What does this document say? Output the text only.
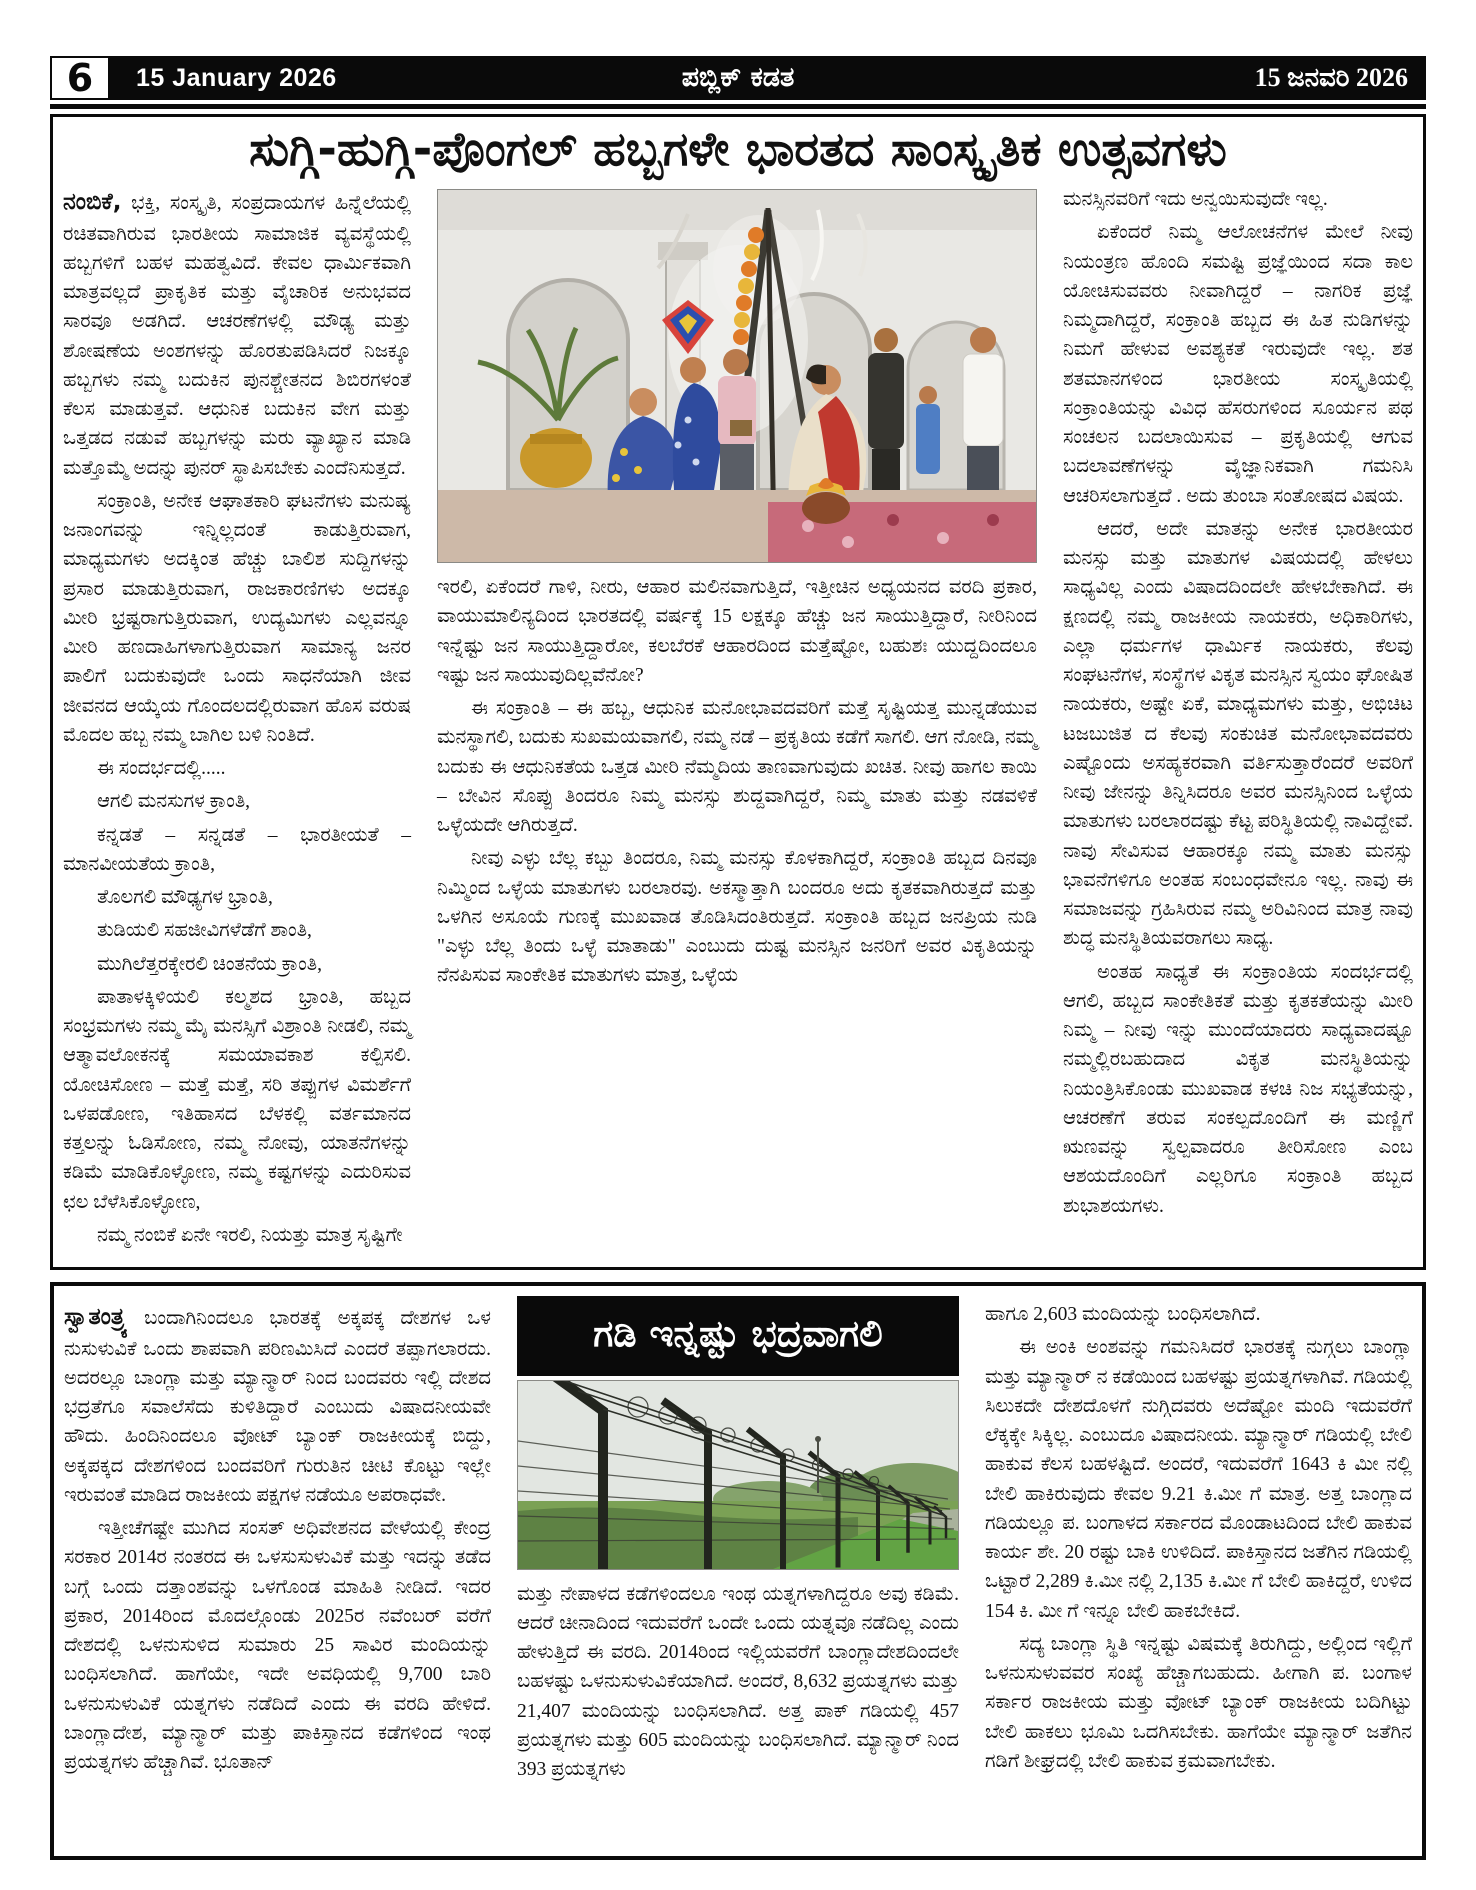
6	15 January 2026	ಪಬ್ಲಿಕ್ ಕಡತ	15 ಜನವರಿ 2026
ಸುಗ್ಗಿ-ಹುಗ್ಗಿ-ಪೊಂಗಲ್ ಹಬ್ಬಗಳೇ ಭಾರತದ ಸಾಂಸ್ಕೃತಿಕ ಉತ್ಸವಗಳು

ನಂಬಿಕೆ, ಭಕ್ತಿ, ಸಂಸ್ಕೃತಿ, ಸಂಪ್ರದಾಯಗಳ ಹಿನ್ನೆಲೆಯಲ್ಲಿ ರಚಿತವಾಗಿರುವ ಭಾರತೀಯ ಸಾಮಾಜಿಕ ವ್ಯವಸ್ಥೆಯಲ್ಲಿ ಹಬ್ಬಗಳಿಗೆ ಬಹಳ ಮಹತ್ವವಿದೆ. ಕೇವಲ ಧಾರ್ಮಿಕವಾಗಿ ಮಾತ್ರವಲ್ಲದೆ ಪ್ರಾಕೃತಿಕ ಮತ್ತು ವೈಚಾರಿಕ ಅನುಭವದ ಸಾರವೂ ಅಡಗಿದೆ. ಆಚರಣೆಗಳಲ್ಲಿ ಮೌಢ್ಯ ಮತ್ತು ಶೋಷಣೆಯ ಅಂಶಗಳನ್ನು ಹೊರತುಪಡಿಸಿದರೆ ನಿಜಕ್ಕೂ ಹಬ್ಬಗಳು ನಮ್ಮ ಬದುಕಿನ ಪುನಶ್ಚೇತನದ ಶಿಬಿರಗಳಂತೆ ಕೆಲಸ ಮಾಡುತ್ತವೆ. ಆಧುನಿಕ ಬದುಕಿನ ವೇಗ ಮತ್ತು ಒತ್ತಡದ ನಡುವೆ ಹಬ್ಬಗಳನ್ನು ಮರು ವ್ಯಾಖ್ಯಾನ ಮಾಡಿ ಮತ್ತೊಮ್ಮೆ ಅದನ್ನು ಪುನರ್ ಸ್ಥಾಪಿಸಬೇಕು ಎಂದೆನಿಸುತ್ತದೆ.

ಸಂಕ್ರಾಂತಿ, ಅನೇಕ ಆಘಾತಕಾರಿ ಘಟನೆಗಳು ಮನುಷ್ಯ ಜನಾಂಗವನ್ನು ಇನ್ನಿಲ್ಲದಂತೆ ಕಾಡುತ್ತಿರುವಾಗ, ಮಾಧ್ಯಮಗಳು ಅದಕ್ಕಿಂತ ಹೆಚ್ಚು ಬಾಲಿಶ ಸುದ್ದಿಗಳನ್ನು ಪ್ರಸಾರ ಮಾಡುತ್ತಿರುವಾಗ, ರಾಜಕಾರಣಿಗಳು ಅದಕ್ಕೂ ಮೀರಿ ಭ್ರಷ್ಟರಾಗುತ್ತಿರುವಾಗ, ಉದ್ಯಮಿಗಳು ಎಲ್ಲವನ್ನೂ ಮೀರಿ ಹಣದಾಹಿಗಳಾಗುತ್ತಿರುವಾಗ ಸಾಮಾನ್ಯ ಜನರ ಪಾಲಿಗೆ ಬದುಕುವುದೇ ಒಂದು ಸಾಧನೆಯಾಗಿ ಜೀವ ಜೀವನದ ಆಯ್ಕೆಯ ಗೊಂದಲದಲ್ಲಿರುವಾಗ ಹೊಸ ವರುಷ ಮೊದಲ ಹಬ್ಬ ನಮ್ಮ ಬಾಗಿಲ ಬಳಿ ನಿಂತಿದೆ.

ಈ ಸಂದರ್ಭದಲ್ಲಿ.....

ಆಗಲಿ ಮನಸುಗಳ ಕ್ರಾಂತಿ,

ಕನ್ನಡತೆ – ಸನ್ನಡತೆ – ಭಾರತೀಯತೆ – ಮಾನವೀಯತೆಯ ಕ್ರಾಂತಿ,

ತೊಲಗಲಿ ಮೌಢ್ಯಗಳ ಭ್ರಾಂತಿ,

ತುಡಿಯಲಿ ಸಹಜೀವಿಗಳೆಡೆಗೆ ಶಾಂತಿ,

ಮುಗಿಲೆತ್ತರಕ್ಕೇರಲಿ ಚಿಂತನೆಯ ಕ್ರಾಂತಿ,

ಪಾತಾಳಕ್ಕಿಳಿಯಲಿ ಕಲ್ಮಶದ ಭ್ರಾಂತಿ, ಹಬ್ಬದ ಸಂಭ್ರಮಗಳು ನಮ್ಮ ಮೈ ಮನಸ್ಸಿಗೆ ವಿಶ್ರಾಂತಿ ನೀಡಲಿ, ನಮ್ಮ ಆತ್ಮಾವಲೋಕನಕ್ಕೆ ಸಮಯಾವಕಾಶ ಕಲ್ಪಿಸಲಿ. ಯೋಚಿಸೋಣ – ಮತ್ತೆ ಮತ್ತೆ, ಸರಿ ತಪ್ಪುಗಳ ವಿಮರ್ಶೆಗೆ ಒಳಪಡೋಣ, ಇತಿಹಾಸದ ಬೆಳಕಲ್ಲಿ ವರ್ತಮಾನದ ಕತ್ತಲನ್ನು ಓಡಿಸೋಣ, ನಮ್ಮ ನೋವು, ಯಾತನೆಗಳನ್ನು ಕಡಿಮೆ ಮಾಡಿಕೊಳ್ಳೋಣ, ನಮ್ಮ ಕಷ್ಟಗಳನ್ನು ಎದುರಿಸುವ ಛಲ ಬೆಳೆಸಿಕೊಳ್ಳೋಣ,

ನಮ್ಮ ನಂಬಿಕೆ ಏನೇ ಇರಲಿ, ನಿಯತ್ತು ಮಾತ್ರ ಸೃಷ್ಟಿಗೇ

ಇರಲಿ, ಏಕೆಂದರೆ ಗಾಳಿ, ನೀರು, ಆಹಾರ ಮಲಿನವಾಗುತ್ತಿದೆ, ಇತ್ತೀಚಿನ ಅಧ್ಯಯನದ ವರದಿ ಪ್ರಕಾರ, ವಾಯುಮಾಲಿನ್ಯದಿಂದ ಭಾರತದಲ್ಲಿ ವರ್ಷಕ್ಕೆ 15 ಲಕ್ಷಕ್ಕೂ ಹೆಚ್ಚು ಜನ ಸಾಯುತ್ತಿದ್ದಾರೆ, ನೀರಿನಿಂದ ಇನ್ನೆಷ್ಟು ಜನ ಸಾಯುತ್ತಿದ್ದಾರೋ, ಕಲಬೆರಕೆ ಆಹಾರದಿಂದ ಮತ್ತೆಷ್ಟೋ, ಬಹುಶಃ ಯುದ್ದದಿಂದಲೂ ಇಷ್ಟು ಜನ ಸಾಯುವುದಿಲ್ಲವೆನೋ?

ಈ ಸಂಕ್ರಾಂತಿ – ಈ ಹಬ್ಬ, ಆಧುನಿಕ ಮನೋಭಾವದವರಿಗೆ ಮತ್ತೆ ಸೃಷ್ಟಿಯತ್ತ ಮುನ್ನಡೆಯುವ ಮನಸ್ಥಾಗಲಿ, ಬದುಕು ಸುಖಮಯವಾಗಲಿ, ನಮ್ಮ ನಡೆ – ಪ್ರಕೃತಿಯ ಕಡೆಗೆ ಸಾಗಲಿ. ಆಗ ನೋಡಿ, ನಮ್ಮ ಬದುಕು ಈ ಆಧುನಿಕತೆಯ ಒತ್ತಡ ಮೀರಿ ನೆಮ್ಮದಿಯ ತಾಣವಾಗುವುದು ಖಚಿತ. ನೀವು ಹಾಗಲ ಕಾಯಿ – ಬೇವಿನ ಸೊಪ್ಪು ತಿಂದರೂ ನಿಮ್ಮ ಮನಸ್ಸು ಶುದ್ದವಾಗಿದ್ದರೆ, ನಿಮ್ಮ ಮಾತು ಮತ್ತು ನಡವಳಿಕೆ ಒಳ್ಳೆಯದೇ ಆಗಿರುತ್ತದೆ.

ನೀವು ಎಳ್ಳು ಬೆಲ್ಲ ಕಬ್ಬು ತಿಂದರೂ, ನಿಮ್ಮ ಮನಸ್ಸು ಕೊಳಕಾಗಿದ್ದರೆ, ಸಂಕ್ರಾಂತಿ ಹಬ್ಬದ ದಿನವೂ ನಿಮ್ಮಿಂದ ಒಳ್ಳೆಯ ಮಾತುಗಳು ಬರಲಾರವು. ಅಕಸ್ಮಾತ್ತಾಗಿ ಬಂದರೂ ಅದು ಕೃತಕವಾಗಿರುತ್ತದೆ ಮತ್ತು ಒಳಗಿನ ಅಸೂಯೆ ಗುಣಕ್ಕೆ ಮುಖವಾಡ ತೊಡಿಸಿದಂತಿರುತ್ತದೆ. ಸಂಕ್ರಾಂತಿ ಹಬ್ಬದ ಜನಪ್ರಿಯ ನುಡಿ "ಎಳ್ಳು ಬೆಲ್ಲ ತಿಂದು ಒಳ್ಳೆ ಮಾತಾಡು" ಎಂಬುದು ದುಷ್ಟ ಮನಸ್ಸಿನ ಜನರಿಗೆ ಅವರ ವಿಕೃತಿಯನ್ನು ನೆನಪಿಸುವ ಸಾಂಕೇತಿಕ ಮಾತುಗಳು ಮಾತ್ರ, ಒಳ್ಳೆಯ

ಮನಸ್ಸಿನವರಿಗೆ ಇದು ಅನ್ವಯಿಸುವುದೇ ಇಲ್ಲ.

ಏಕೆಂದರೆ ನಿಮ್ಮ ಆಲೋಚನೆಗಳ ಮೇಲೆ ನೀವು ನಿಯಂತ್ರಣ ಹೊಂದಿ ಸಮಷ್ಟಿ ಪ್ರಜ್ಞೆಯಿಂದ ಸದಾ ಕಾಲ ಯೋಚಿಸುವವರು ನೀವಾಗಿದ್ದರೆ – ನಾಗರಿಕ ಪ್ರಜ್ಞೆ ನಿಮ್ಮದಾಗಿದ್ದರೆ, ಸಂಕ್ರಾಂತಿ ಹಬ್ಬದ ಈ ಹಿತ ನುಡಿಗಳನ್ನು ನಿಮಗೆ ಹೇಳುವ ಅವಶ್ಯಕತೆ ಇರುವುದೇ ಇಲ್ಲ. ಶತ ಶತಮಾನಗಳಿಂದ ಭಾರತೀಯ ಸಂಸ್ಕೃತಿಯಲ್ಲಿ ಸಂಕ್ರಾಂತಿಯನ್ನು ವಿವಿಧ ಹೆಸರುಗಳಿಂದ ಸೂರ್ಯನ ಪಥ ಸಂಚಲನ ಬದಲಾಯಿಸುವ – ಪ್ರಕೃತಿಯಲ್ಲಿ ಆಗುವ ಬದಲಾವಣೆಗಳನ್ನು ವೈಜ್ಞಾನಿಕವಾಗಿ ಗಮನಿಸಿ ಆಚರಿಸಲಾಗುತ್ತದೆ . ಅದು ತುಂಬಾ ಸಂತೋಷದ ವಿಷಯ.

ಆದರೆ, ಅದೇ ಮಾತನ್ನು ಅನೇಕ ಭಾರತೀಯರ ಮನಸ್ಸು ಮತ್ತು ಮಾತುಗಳ ವಿಷಯದಲ್ಲಿ ಹೇಳಲು ಸಾಧ್ಯವಿಲ್ಲ ಎಂದು ವಿಷಾದದಿಂದಲೇ ಹೇಳಬೇಕಾಗಿದೆ. ಈ ಕ್ಷಣದಲ್ಲಿ ನಮ್ಮ ರಾಜಕೀಯ ನಾಯಕರು, ಅಧಿಕಾರಿಗಳು, ಎಲ್ಲಾ ಧರ್ಮಗಳ ಧಾರ್ಮಿಕ ನಾಯಕರು, ಕೆಲವು ಸಂಘಟನೆಗಳ, ಸಂಸ್ಥೆಗಳ ವಿಕೃತ ಮನಸ್ಸಿನ ಸ್ವಯಂ ಘೋಷಿತ ನಾಯಕರು, ಅಷ್ಟೇ ಏಕೆ, ಮಾಧ್ಯಮಗಳು ಮತ್ತು, ಅಭಿಚಿಟ ಟಜಬುಜಿತ ದ ಕೆಲವು ಸಂಕುಚಿತ ಮನೋಭಾವದವರು ಎಷ್ಟೊಂದು ಅಸಹ್ಯಕರವಾಗಿ ವರ್ತಿಸುತ್ತಾರೆಂದರೆ ಅವರಿಗೆ ನೀವು ಜೇನನ್ನು ತಿನ್ನಿಸಿದರೂ ಅವರ ಮನಸ್ಸಿನಿಂದ ಒಳ್ಳೆಯ ಮಾತುಗಳು ಬರಲಾರದಷ್ಟು ಕೆಟ್ಟ ಪರಿಸ್ಥಿತಿಯಲ್ಲಿ ನಾವಿದ್ದೇವೆ. ನಾವು ಸೇವಿಸುವ ಆಹಾರಕ್ಕೂ ನಮ್ಮ ಮಾತು ಮನಸ್ಸು ಭಾವನೆಗಳಿಗೂ ಅಂತಹ ಸಂಬಂಧವೇನೂ ಇಲ್ಲ. ನಾವು ಈ ಸಮಾಜವನ್ನು ಗ್ರಹಿಸಿರುವ ನಮ್ಮ ಅರಿವಿನಿಂದ ಮಾತ್ರ ನಾವು ಶುದ್ಧ ಮನಸ್ಥಿತಿಯವರಾಗಲು ಸಾಧ್ಯ.

ಅಂತಹ ಸಾಧ್ಯತೆ ಈ ಸಂಕ್ರಾಂತಿಯ ಸಂದರ್ಭದಲ್ಲಿ ಆಗಲಿ, ಹಬ್ಬದ ಸಾಂಕೇತಿಕತೆ ಮತ್ತು ಕೃತಕತೆಯನ್ನು ಮೀರಿ ನಿಮ್ಮ – ನೀವು ಇನ್ನು ಮುಂದೆಯಾದರು ಸಾಧ್ಯವಾದಷ್ಟೂ ನಮ್ಮಲ್ಲಿರಬಹುದಾದ ವಿಕೃತ ಮನಸ್ಥಿತಿಯನ್ನು ನಿಯಂತ್ರಿಸಿಕೊಂಡು ಮುಖವಾಡ ಕಳಚಿ ನಿಜ ಸಭ್ಯತೆಯನ್ನು, ಆಚರಣೆಗೆ ತರುವ ಸಂಕಲ್ಪದೊಂದಿಗೆ ಈ ಮಣ್ಣಿಗೆ ಋಣವನ್ನು ಸ್ವಲ್ಪವಾದರೂ ತೀರಿಸೋಣ ಎಂಬ ಆಶಯದೊಂದಿಗೆ ಎಲ್ಲರಿಗೂ ಸಂಕ್ರಾಂತಿ ಹಬ್ಬದ ಶುಭಾಶಯಗಳು.

ಸ್ವಾತಂತ್ರ್ಯ ಬಂದಾಗಿನಿಂದಲೂ ಭಾರತಕ್ಕೆ ಅಕ್ಕಪಕ್ಕ ದೇಶಗಳ ಒಳ ನುಸುಳುವಿಕೆ ಒಂದು ಶಾಪವಾಗಿ ಪರಿಣಮಿಸಿದೆ ಎಂದರೆ ತಪ್ಪಾಗಲಾರದು. ಅದರಲ್ಲೂ ಬಾಂಗ್ಲಾ ಮತ್ತು ಮ್ಯಾನ್ಮಾರ್ ನಿಂದ ಬಂದವರು ಇಲ್ಲಿ ದೇಶದ ಭದ್ರತೆಗೂ ಸವಾಲೆಸೆದು ಕುಳಿತಿದ್ದಾರೆ ಎಂಬುದು ವಿಷಾದನೀಯವೇ ಹೌದು. ಹಿಂದಿನಿಂದಲೂ ವೋಟ್ ಬ್ಯಾಂಕ್ ರಾಜಕೀಯಕ್ಕೆ ಬಿದ್ದು, ಅಕ್ಕಪಕ್ಕದ ದೇಶಗಳಿಂದ ಬಂದವರಿಗೆ ಗುರುತಿನ ಚೀಟಿ ಕೊಟ್ಟು ಇಲ್ಲೇ ಇರುವಂತೆ ಮಾಡಿದ ರಾಜಕೀಯ ಪಕ್ಷಗಳ ನಡೆಯೂ ಅಪರಾಧವೇ.

ಇತ್ತೀಚೆಗಷ್ಟೇ ಮುಗಿದ ಸಂಸತ್ ಅಧಿವೇಶನದ ವೇಳೆಯಲ್ಲಿ ಕೇಂದ್ರ ಸರಕಾರ 2014ರ ನಂತರದ ಈ ಒಳಸುಸುಳುವಿಕೆ ಮತ್ತು ಇದನ್ನು ತಡೆದ ಬಗ್ಗೆ ಒಂದು ದತ್ತಾಂಶವನ್ನು ಒಳಗೊಂಡ ಮಾಹಿತಿ ನೀಡಿದೆ. ಇದರ ಪ್ರಕಾರ, 2014ರಿಂದ ಮೊದಲ್ಗೊಂಡು 2025ರ ನವೆಂಬರ್ ವರೆಗೆ ದೇಶದಲ್ಲಿ ಒಳನುಸುಳಿದ ಸುಮಾರು 25 ಸಾವಿರ ಮಂದಿಯನ್ನು ಬಂಧಿಸಲಾಗಿದೆ. ಹಾಗೆಯೇ, ಇದೇ ಅವಧಿಯಲ್ಲಿ 9,700 ಬಾರಿ ಒಳನುಸುಳುವಿಕೆ ಯತ್ನಗಳು ನಡೆದಿದೆ ಎಂದು ಈ ವರದಿ ಹೇಳಿದೆ. ಬಾಂಗ್ಲಾದೇಶ, ಮ್ಯಾನ್ಮಾರ್ ಮತ್ತು ಪಾಕಿಸ್ತಾನದ ಕಡೆಗಳಿಂದ ಇಂಥ ಪ್ರಯತ್ನಗಳು ಹೆಚ್ಚಾಗಿವೆ. ಭೂತಾನ್

ಗಡಿ ಇನ್ನಷ್ಟು ಭದ್ರವಾಗಲಿ

ಮತ್ತು ನೇಪಾಳದ ಕಡೆಗಳಿಂದಲೂ ಇಂಥ ಯತ್ನಗಳಾಗಿದ್ದರೂ ಅವು ಕಡಿಮೆ. ಆದರೆ ಚೀನಾದಿಂದ ಇದುವರೆಗೆ ಒಂದೇ ಒಂದು ಯತ್ನವೂ ನಡೆದಿಲ್ಲ ಎಂದು ಹೇಳುತ್ತಿದೆ ಈ ವರದಿ. 2014ರಿಂದ ಇಲ್ಲಿಯವರೆಗೆ ಬಾಂಗ್ಲಾದೇಶದಿಂದಲೇ ಬಹಳಷ್ಟು ಒಳನುಸುಳುವಿಕೆಯಾಗಿದೆ. ಅಂದರೆ, 8,632 ಪ್ರಯತ್ನಗಳು ಮತ್ತು 21,407 ಮಂದಿಯನ್ನು ಬಂಧಿಸಲಾಗಿದೆ. ಅತ್ತ ಪಾಕ್ ಗಡಿಯಲ್ಲಿ 457 ಪ್ರಯತ್ನಗಳು ಮತ್ತು 605 ಮಂದಿಯನ್ನು ಬಂಧಿಸಲಾಗಿದೆ. ಮ್ಯಾನ್ಮಾರ್ ನಿಂದ 393 ಪ್ರಯತ್ನಗಳು

ಹಾಗೂ 2,603 ಮಂದಿಯನ್ನು ಬಂಧಿಸಲಾಗಿದೆ.

ಈ ಅಂಕಿ ಅಂಶವನ್ನು ಗಮನಿಸಿದರೆ ಭಾರತಕ್ಕೆ ನುಗ್ಗಲು ಬಾಂಗ್ಲಾ ಮತ್ತು ಮ್ಯಾನ್ಮಾರ್ ನ ಕಡೆಯಿಂದ ಬಹಳಷ್ಟು ಪ್ರಯತ್ನಗಳಾಗಿವೆ. ಗಡಿಯಲ್ಲಿ ಸಿಲುಕದೇ ದೇಶದೊಳಗೆ ನುಗ್ಗಿದವರು ಅದೆಷ್ಟೋ ಮಂದಿ ಇದುವರೆಗೆ ಲೆಕ್ಕಕ್ಕೇ ಸಿಕ್ಕಿಲ್ಲ. ಎಂಬುದೂ ವಿಷಾದನೀಯ. ಮ್ಯಾನ್ಮಾರ್ ಗಡಿಯಲ್ಲಿ ಬೇಲಿ ಹಾಕುವ ಕೆಲಸ ಬಹಳಷ್ಟಿದೆ. ಅಂದರೆ, ಇದುವರೆಗೆ 1643 ಕಿ ಮೀ ನಲ್ಲಿ ಬೇಲಿ ಹಾಕಿರುವುದು ಕೇವಲ 9.21 ಕಿ.ಮೀ ಗೆ ಮಾತ್ರ. ಅತ್ತ ಬಾಂಗ್ಲಾದ ಗಡಿಯಲ್ಲೂ ಪ. ಬಂಗಾಳದ ಸರ್ಕಾರದ ಮೊಂಡಾಟದಿಂದ ಬೇಲಿ ಹಾಕುವ ಕಾರ್ಯ ಶೇ. 20 ರಷ್ಟು ಬಾಕಿ ಉಳಿದಿದೆ. ಪಾಕಿಸ್ತಾನದ ಜತೆಗಿನ ಗಡಿಯಲ್ಲಿ ಒಟ್ಟಾರೆ 2,289 ಕಿ.ಮೀ ನಲ್ಲಿ 2,135 ಕಿ.ಮೀ ಗೆ ಬೇಲಿ ಹಾಕಿದ್ದರೆ, ಉಳಿದ 154 ಕಿ. ಮೀ ಗೆ ಇನ್ನೂ ಬೇಲಿ ಹಾಕಬೇಕಿದೆ.

ಸದ್ಯ ಬಾಂಗ್ಲಾ ಸ್ಥಿತಿ ಇನ್ನಷ್ಟು ವಿಷಮಕ್ಕೆ ತಿರುಗಿದ್ದು, ಅಲ್ಲಿಂದ ಇಲ್ಲಿಗೆ ಒಳನುಸುಳುವವರ ಸಂಖ್ಯೆ ಹೆಚ್ಚಾಗಬಹುದು. ಹೀಗಾಗಿ ಪ. ಬಂಗಾಳ ಸರ್ಕಾರ ರಾಜಕೀಯ ಮತ್ತು ವೋಟ್ ಬ್ಯಾಂಕ್ ರಾಜಕೀಯ ಬದಿಗಿಟ್ಟು ಬೇಲಿ ಹಾಕಲು ಭೂಮಿ ಒದಗಿಸಬೇಕು. ಹಾಗೆಯೇ ಮ್ಯಾನ್ಮಾರ್ ಜತೆಗಿನ ಗಡಿಗೆ ಶೀಘ್ರದಲ್ಲಿ ಬೇಲಿ ಹಾಕುವ ಕ್ರಮವಾಗಬೇಕು.
